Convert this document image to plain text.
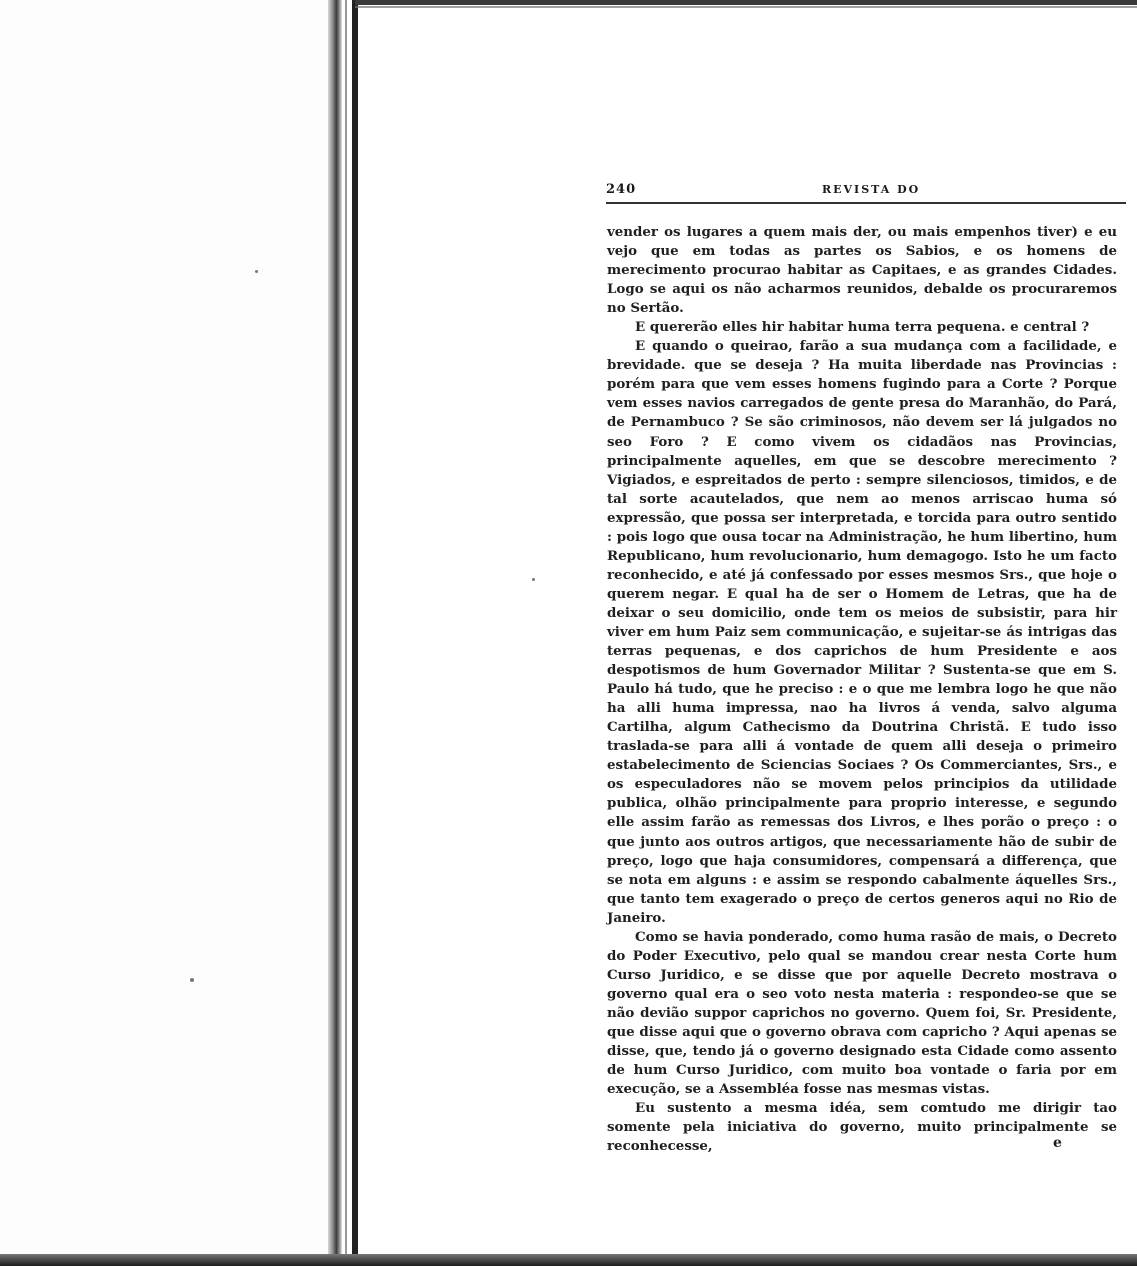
240	REVISTA DO

vender os lugares a quem mais der, ou mais empenhos tiver) e eu vejo que em todas as partes os Sabios, e os homens de merecimento procurao habitar as Capitaes, e as grandes Cidades. Logo se aqui os não acharmos reunidos, debalde os procuraremos no Sertão.

E quererão elles hir habitar huma terra pequena. e central ?

E quando o queirao, farão a sua mudança com a facilidade, e brevidade. que se deseja ? Ha muita liberdade nas Provincias : porém para que vem esses homens fugindo para a Corte ? Porque vem esses navios carregados de gente presa do Maranhão, do Pará, de Pernambuco ? Se são criminosos, não devem ser lá julgados no seo Foro ? E como vivem os cidadãos nas Provincias, principalmente aquelles, em que se descobre merecimento ? Vigiados, e espreitados de perto : sempre silenciosos, timidos, e de tal sorte acautelados, que nem ao menos arriscao huma só expressão, que possa ser interpretada, e torcida para outro sentido : pois logo que ousa tocar na Administração, he hum libertino, hum Republicano, hum revolucionario, hum demagogo. Isto he um facto reconhecido, e até já confessado por esses mesmos Srs., que hoje o querem negar. E qual ha de ser o Homem de Letras, que ha de deixar o seu domicilio, onde tem os meios de subsistir, para hir viver em hum Paiz sem communicação, e sujeitar-se ás intrigas das terras pequenas, e dos caprichos de hum Presidente e aos despotismos de hum Governador Militar ? Sustenta-se que em S. Paulo há tudo, que he preciso : e o que me lembra logo he que não ha alli huma impressa, nao ha livros á venda, salvo alguma Cartilha, algum Cathecismo da Doutrina Christã. E tudo isso traslada-se para alli á vontade de quem alli deseja o primeiro estabelecimento de Sciencias Sociaes ? Os Commerciantes, Srs., e os especuladores não se movem pelos principios da utilidade publica, olhão principalmente para proprio interesse, e segundo elle assim farão as remessas dos Livros, e lhes porão o preço : o que junto aos outros artigos, que necessariamente hão de subir de preço, logo que haja consumidores, compensará a differença, que se nota em alguns : e assim se respondo cabalmente áquelles Srs., que tanto tem exagerado o preço de certos generos aqui no Rio de Janeiro.

Como se havia ponderado, como huma rasão de mais, o Decreto do Poder Executivo, pelo qual se mandou crear nesta Corte hum Curso Juridico, e se disse que por aquelle Decreto mostrava o governo qual era o seo voto nesta materia : respondeo-se que se não devião suppor caprichos no governo. Quem foi, Sr. Presidente, que disse aqui que o governo obrava com capricho ? Aqui apenas se disse, que, tendo já o governo designado esta Cidade como assento de hum Curso Juridico, com muito boa vontade o faria por em execução, se a Assembléa fosse nas mesmas vistas.

Eu sustento a mesma idéa, sem comtudo me dirigir tao somente pela iniciativa do governo, muito principalmente se reconhecesse,	e
